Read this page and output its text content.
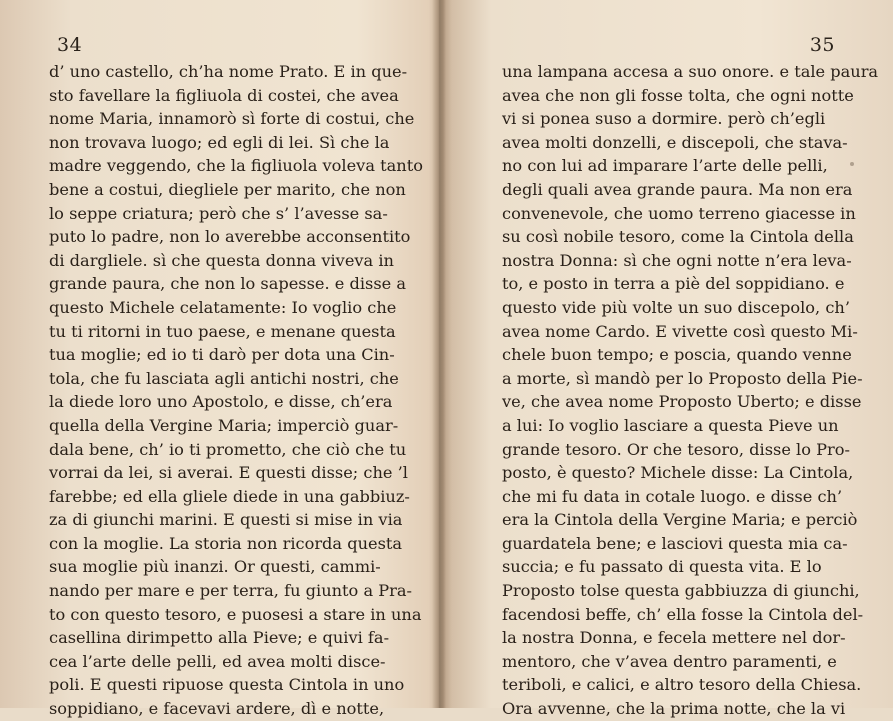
34
d’ uno castello, ch’ha nome Prato. E in que-
sto favellare la figliuola di costei, che avea
nome Maria, innamorò sì forte di costui, che
non trovava luogo; ed egli di lei. Sì che la
madre veggendo, che la figliuola voleva tanto
bene a costui, diegliele per marito, che non
lo seppe criatura; però che s’ l’avesse sa-
puto lo padre, non lo averebbe acconsentito
di dargliele. sì che questa donna viveva in
grande paura, che non lo sapesse. e disse a
questo Michele celatamente: Io voglio che
tu ti ritorni in tuo paese, e menane questa
tua moglie; ed io ti darò per dota una Cin-
tola, che fu lasciata agli antichi nostri, che
la diede loro uno Apostolo, e disse, ch’era
quella della Vergine Maria; imperciò guar-
dala bene, ch’ io ti prometto, che ciò che tu
vorrai da lei, si averai. E questi disse; che ’l
farebbe; ed ella gliele diede in una gabbiuz-
za di giunchi marini. E questi si mise in via
con la moglie. La storia non ricorda questa
sua moglie più inanzi. Or questi, cammi-
nando per mare e per terra, fu giunto a Pra-
to con questo tesoro, e puosesi a stare in una
casellina dirimpetto alla Pieve; e quivi fa-
cea l’arte delle pelli, ed avea molti disce-
poli. E questi ripuose questa Cintola in uno
soppidiano, e facevavi ardere, dì e notte,
35
una lampana accesa a suo onore. e tale paura
avea che non gli fosse tolta, che ogni notte
vi si ponea suso a dormire. però ch’egli
avea molti donzelli, e discepoli, che stava-
no con lui ad imparare l’arte delle pelli,
degli quali avea grande paura. Ma non era
convenevole, che uomo terreno giacesse in
su così nobile tesoro, come la Cintola della
nostra Donna: sì che ogni notte n’era leva-
to, e posto in terra a piè del soppidiano. e
questo vide più volte un suo discepolo, ch’
avea nome Cardo. E vivette così questo Mi-
chele buon tempo; e poscia, quando venne
a morte, sì mandò per lo Proposto della Pie-
ve, che avea nome Proposto Uberto; e disse
a lui: Io voglio lasciare a questa Pieve un
grande tesoro. Or che tesoro, disse lo Pro-
posto, è questo? Michele disse: La Cintola,
che mi fu data in cotale luogo. e disse ch’
era la Cintola della Vergine Maria; e perciò
guardatela bene; e lasciovi questa mia ca-
succia; e fu passato di questa vita. E lo
Proposto tolse questa gabbiuzza di giunchi,
facendosi beffe, ch’ ella fosse la Cintola del-
la nostra Donna, e fecela mettere nel dor-
mentoro, che v’avea dentro paramenti, e
teriboli, e calici, e altro tesoro della Chiesa.
Ora avvenne, che la prima notte, che la vi
